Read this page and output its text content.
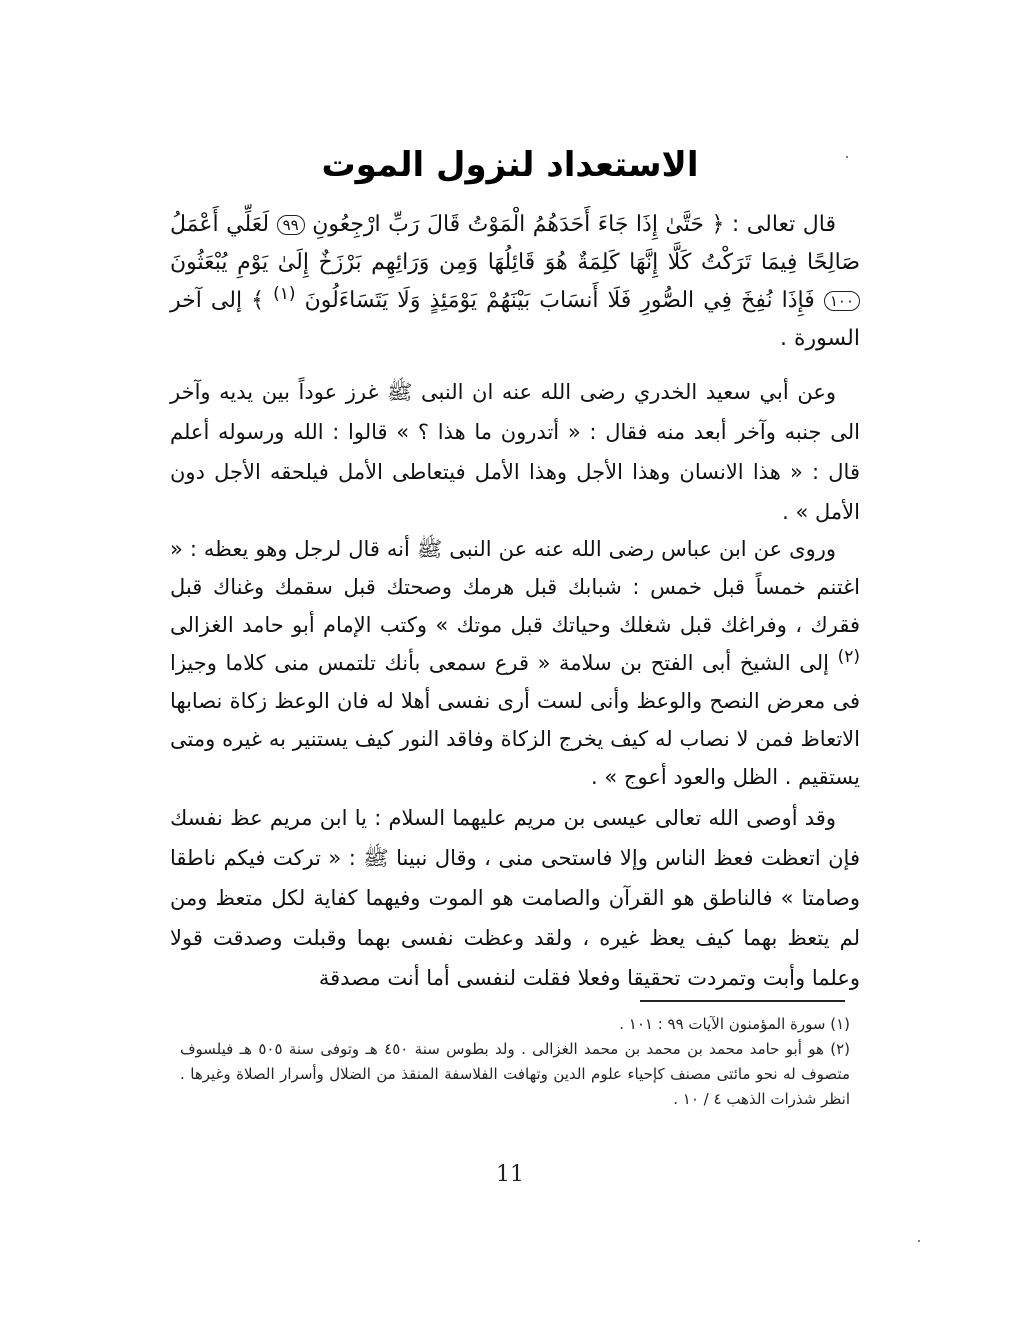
الاستعداد لنزول الموت

قال تعالى : ﴿ حَتَّىٰ إِذَا جَاءَ أَحَدَهُمُ الْمَوْتُ قَالَ رَبِّ ارْجِعُونِ ٩٩ لَعَلِّي أَعْمَلُ صَالِحًا فِيمَا تَرَكْتُ كَلَّا إِنَّهَا كَلِمَةٌ هُوَ قَائِلُهَا وَمِن وَرَائِهِم بَرْزَخٌ إِلَىٰ يَوْمِ يُبْعَثُونَ ١٠٠ فَإِذَا نُفِخَ فِي الصُّورِ فَلَا أَنسَابَ بَيْنَهُمْ يَوْمَئِذٍ وَلَا يَتَسَاءَلُونَ (١) ﴾ إلى آخر السورة .

وعن أبي سعيد الخدري رضى الله عنه ان النبى ﷺ غرز عوداً بين يديه وآخر الى جنبه وآخر أبعد منه فقال : « أتدرون ما هذا ؟ » قالوا : الله ورسوله أعلم قال : « هذا الانسان وهذا الأجل وهذا الأمل فيتعاطى الأمل فيلحقه الأجل دون الأمل » .

وروى عن ابن عباس رضى الله عنه عن النبى ﷺ أنه قال لرجل وهو يعظه : « اغتنم خمساً قبل خمس : شبابك قبل هرمك وصحتك قبل سقمك وغناك قبل فقرك ، وفراغك قبل شغلك وحياتك قبل موتك » وكتب الإمام أبو حامد الغزالى (٢) إلى الشيخ أبى الفتح بن سلامة « قرع سمعى بأنك تلتمس منى كلاما وجيزا فى معرض النصح والوعظ وأنى لست أرى نفسى أهلا له فان الوعظ زكاة نصابها الاتعاظ فمن لا نصاب له كيف يخرج الزكاة وفاقد النور كيف يستنير به غيره ومتى يستقيم . الظل والعود أعوج » .

وقد أوصى الله تعالى عيسى بن مريم عليهما السلام : يا ابن مريم عظ نفسك فإن اتعظت فعظ الناس وإلا فاستحى منى ، وقال نبينا ﷺ : « تركت فيكم ناطقا وصامتا » فالناطق هو القرآن والصامت هو الموت وفيهما كفاية لكل متعظ ومن لم يتعظ بهما كيف يعظ غيره ، ولقد وعظت نفسى بهما وقبلت وصدقت قولا وعلما وأبت وتمردت تحقيقا وفعلا فقلت لنفسى أما أنت مصدقة

(١) سورة المؤمنون الآيات ٩٩ : ١٠١ .

(٢) هو أبو حامد محمد بن محمد بن محمد الغزالى . ولد بطوس سنة ٤٥٠ هـ وتوفى سنة ٥٠٥ هـ فيلسوف متصوف له نحو مائتى مصنف كإحياء علوم الدين وتهافت الفلاسفة المنقذ من الضلال وأسرار الصلاة وغيرها . انظر شذرات الذهب ٤ / ١٠ .

11
